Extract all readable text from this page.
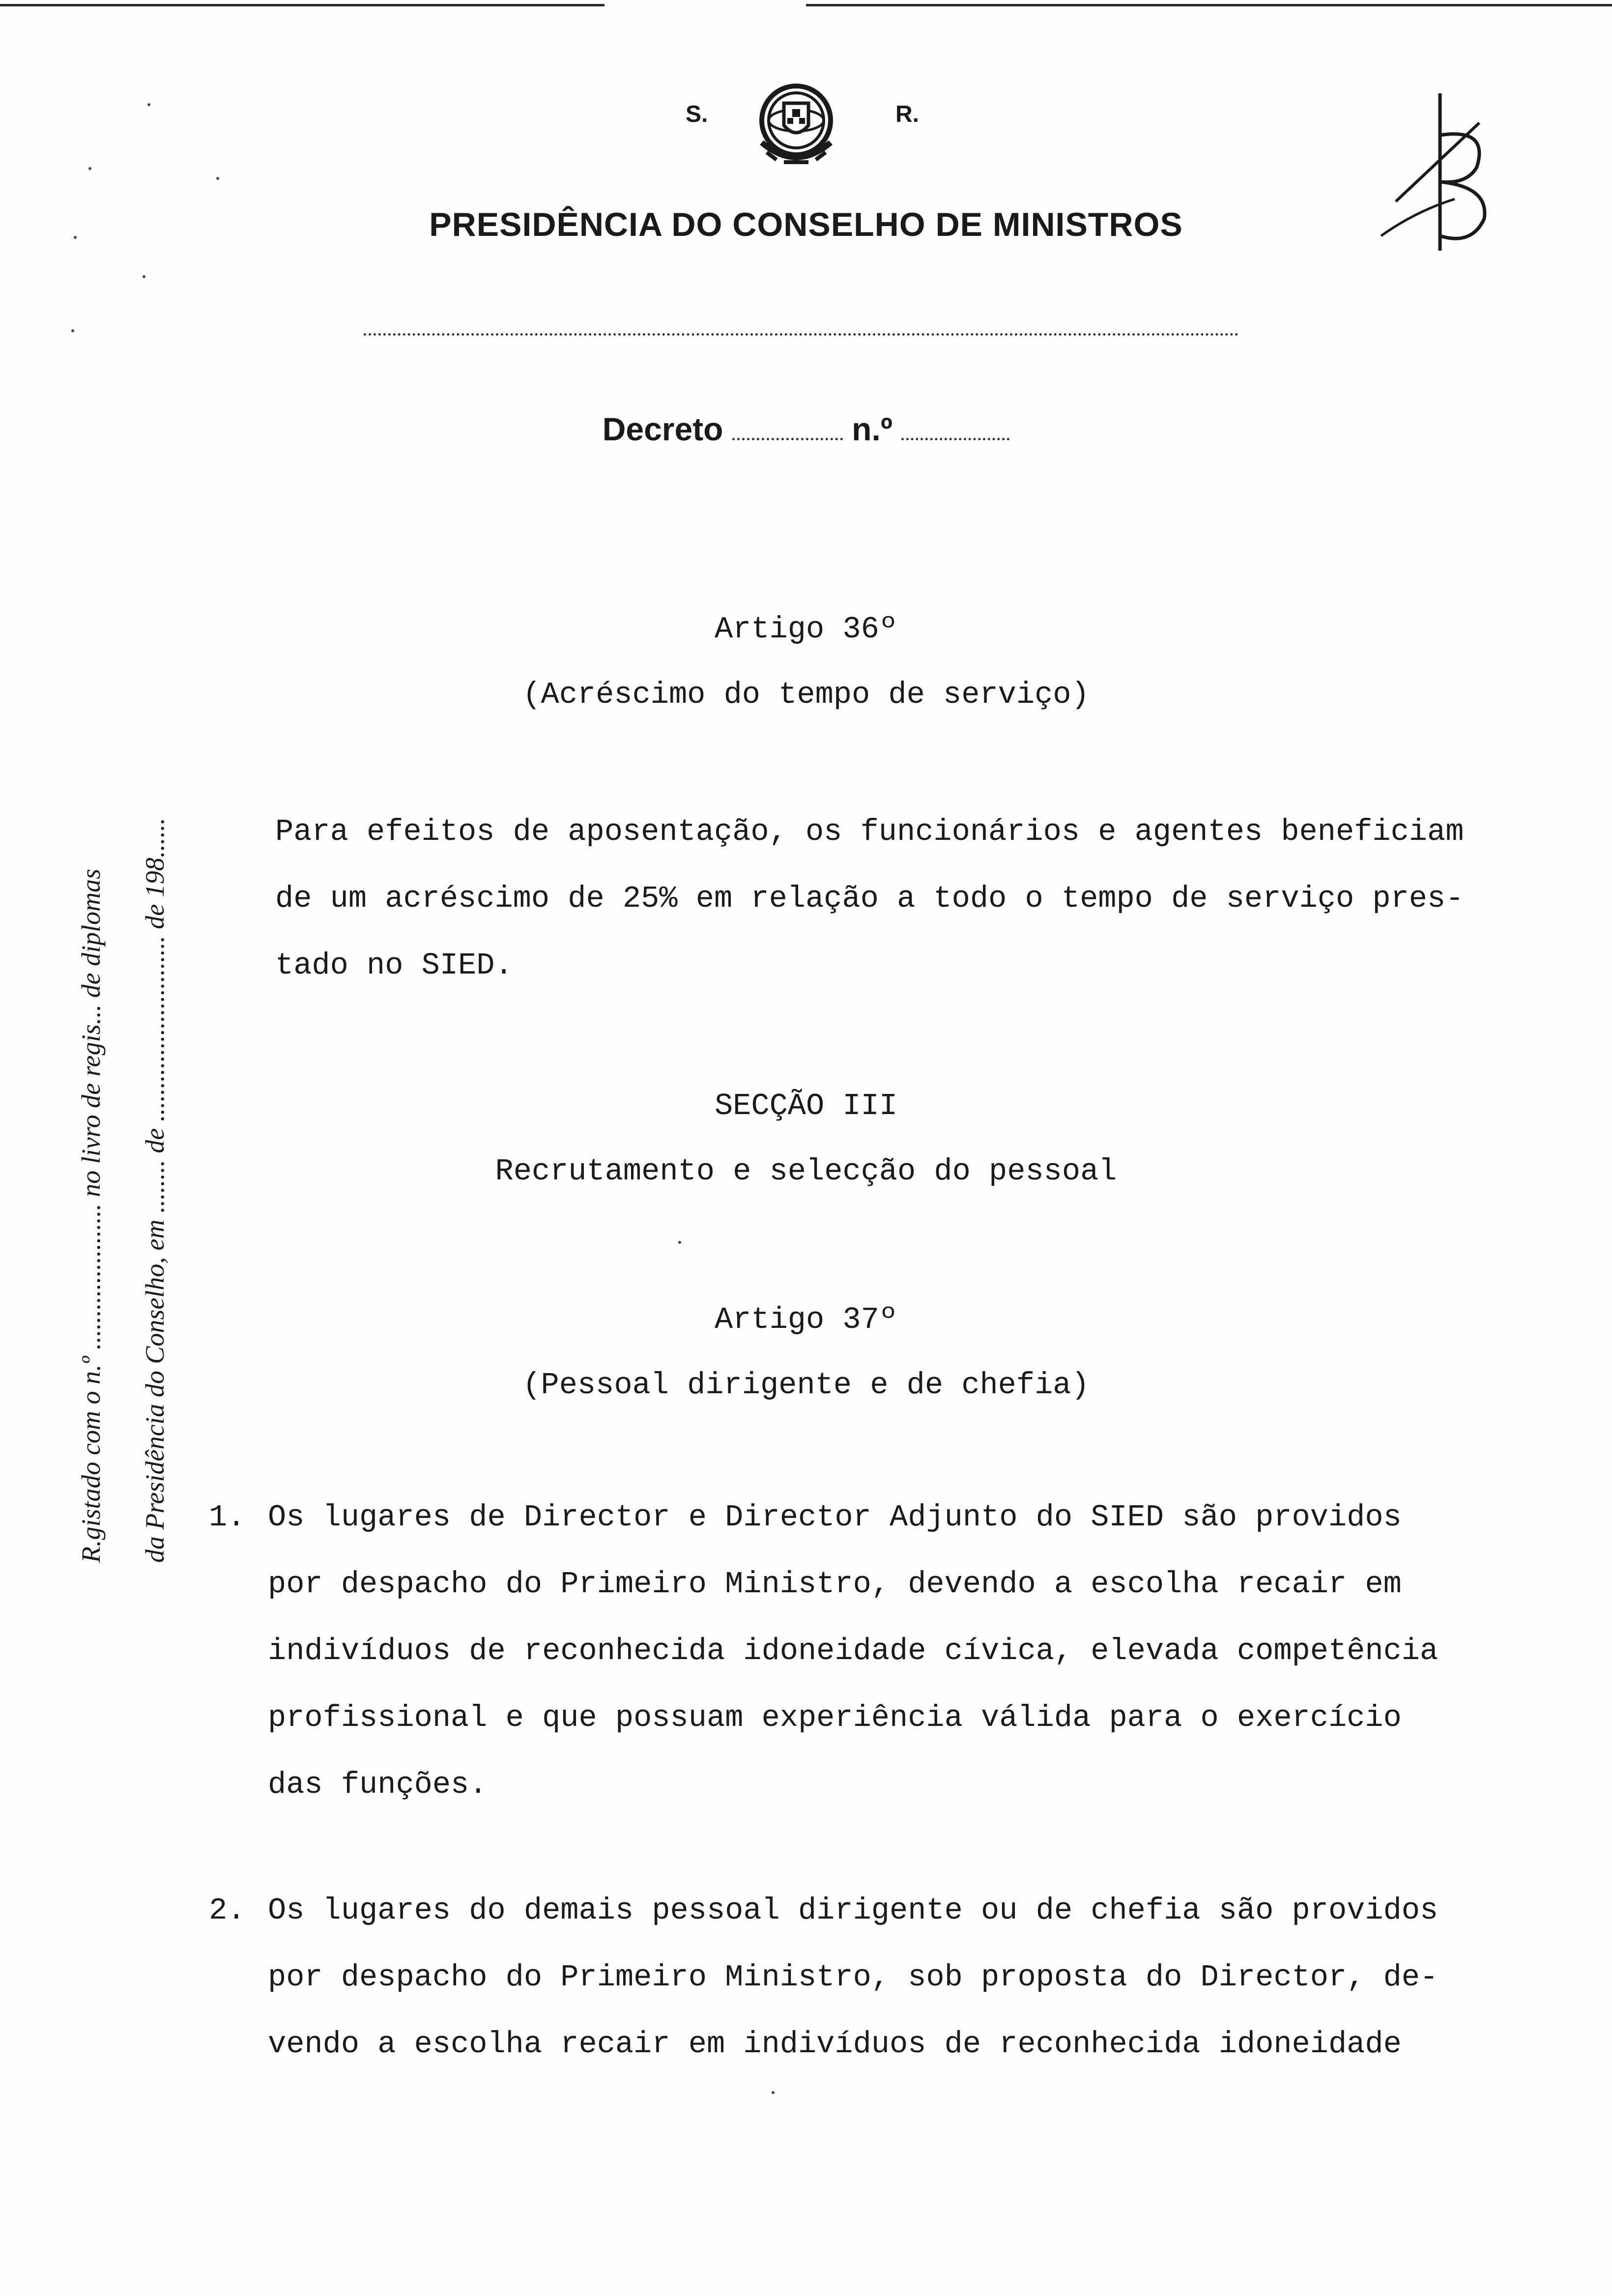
S.	R.
PRESIDÊNCIA DO CONSELHO DE MINISTROS
Decreto	n.º
R.gistado com o n.º ...................... no livro de regis... de diplomas da Presidência do Conselho, em ........ de ............................ de 198......
Artigo 36º
(Acréscimo do tempo de serviço)
Para efeitos de aposentação, os funcionários e agentes beneficiam
de um acréscimo de 25% em relação a todo o tempo de serviço pres-
tado no SIED.
SECÇÃO III
Recrutamento e selecção do pessoal
Artigo 37º
(Pessoal dirigente e de chefia)
1. Os lugares de Director e Director Adjunto do SIED são providos
por despacho do Primeiro Ministro, devendo a escolha recair em
indivíduos de reconhecida idoneidade cívica, elevada competência
profissional e que possuam experiência válida para o exercício
das funções.
2. Os lugares do demais pessoal dirigente ou de chefia são providos
por despacho do Primeiro Ministro, sob proposta do Director, de-
vendo a escolha recair em indivíduos de reconhecida idoneidade
